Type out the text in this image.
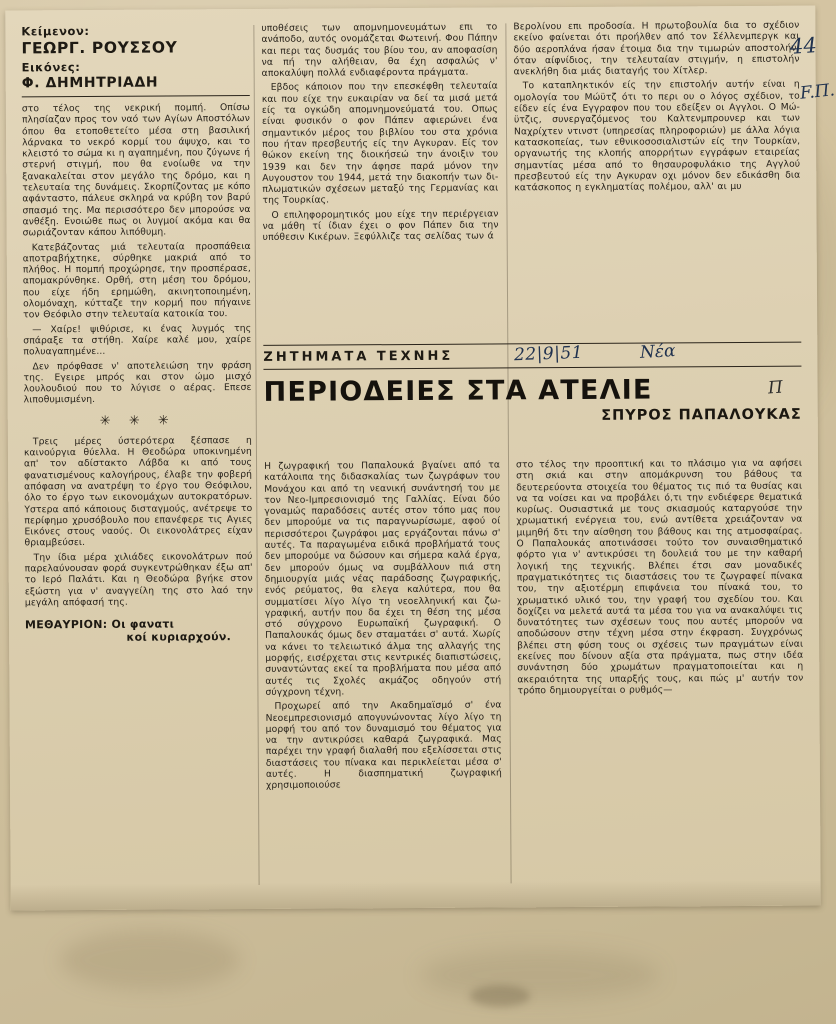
Κείμενον:
ΓΕΩΡΓ. ΡΟΥΣΣΟΥ
Εικόνες:
Φ. ΔΗΜΗΤΡΙΑΔΗ

στο τέλος της νεκρική πομπή. Οπίσω πλησίαζαν προς τον ναό των Αγίων Αποστόλων όπου θα ετοποθετείτο μέσα στη βασιλική λάρνακα το νεκρό κορμί του άψυχο, και το κλειστό το σώμα κι η αγαπημένη, που ζύγωνε ή στερνή στιγμή, που θα ενοίωθε να την ξανακαλείται στον μεγάλο της δρόμο, και η τελευταία της δυνάμεις. Σκορπίζοντας με κόπο αφάνταστο, πάλευε σκληρά να κρύβη τον βαρύ σπασμό της. Μα περισσότερο δεν μπορούσε να ανθέξη. Ενοιώθε πως οι λυγμοί ακόμα και θα σωριάζονταν κάπου λιπόθυμη.

Κατεβάζοντας μιά τελευταία προσπάθεια αποτραβήχτηκε, σύρθηκε μακριά από το πλήθος. Η πομπή προχώρησε, την προσπέρασε, απομακρύνθηκε. Ορθή, στη μέση του δρόμου, που είχε ήδη ερημώθη, ακινητοποιημένη, ολομόναχη, κύτταζε την κορμή που πήγαινε τον Θεόφιλο στην τελευταία κατοικία του.

— Χαίρε! ψιθύρισε, κι ένας λυγμός της σπάραξε τα στήθη. Χαίρε καλέ μου, χαίρε πολυαγαπημένε...

Δεν πρόφθασε ν' αποτελειώση την φράση της. Εγειρε μπρός και στον ώμο μισχό λουλουδιού που το λύγισε ο αέρας. Επεσε λιποθυμισμένη.

✳ ✳ ✳

Τρεις μέρες ύστερότερα ξέσπασε η καινούργια θύελλα. Η Θεοδώρα υποκινημένη απ' τον αδίστακτο Λάβδα κι από τους φανατισμένους καλογήρους, έλαβε την φοβερή απόφαση να ανατρέψη το έργο του Θεόφιλου, όλο το έργο των εικονομάχων αυτοκρατόρων. Υστερα από κάποιους δισταγμούς, ανέτρεψε το περίφημο χρυσόβουλο που επανέφερε τις Αγιες Εικόνες στους ναούς. Οι εικονολάτρες είχαν θριαμβεύσει.

Την ίδια μέρα χιλιάδες εικονολάτρων πού παρελαύνουσαν φορά συγκεντρώθηκαν έξω απ' το Ιερό Παλάτι. Και η Θεοδώρα βγήκε στον εξώστη για ν' αναγγείλη της στο λαό την μεγάλη απόφασή της.

ΜΕΘΑΥΡΙΟΝ: Οι φανατι
κοί κυριαρχούν.

υποθέσεις των απομνημονευμάτων επι το ανάποδο, αυτός ονομάζεται Φωτεινή. Φου Πάπην και περι τας δυσμάς του βίου του, αν αποφασίση να πή την αλήθειαν, θα έχη ασφαλώς ν' αποκαλύψη πολλά ενδιαφέροντα πράγματα.

Εβδος κάποιον που την επεσκέφθη τελευταία και που είχε την ευκαιρίαν να δεί τα μισά μετά είς τα ογκώδη απομνημονεύματά του. Οπως είναι φυσικόν ο φον Πάπεν αφιερώνει ένα σημαντικόν μέρος του βιβλίου του στα χρόνια που ήταν πρεσβευτής είς την Αγκυραν. Είς τον θώκον εκείνη της διοικήσεώ την άνοιξιν του 1939 και δεν την άφησε παρά μόνον την Αυγουστον του 1944, μετά την διακοπήν των διπλωματικών σχέσεων μεταξύ της Γερμανίας και της Τουρκίας.

Ο επιληφορομητικός μου είχε την περιέργειαν να μάθη τί ίδιαν έχει ο φον Πάπεν δια την υπόθεσιν Κικέρων. Ξεφύλλιζε τας σελίδας των ά

Βερολίνου επι προδοσία. Η πρωτοβουλία δια το σχέδιον εκείνο φαίνεται ότι προήλθεν από τον Σέλλενμπεργκ και δύο αεροπλάνα ήσαν έτοιμα δια την τιμωρών αποστολήν, όταν αίφνίδιος, την τελευταίαν στιγμήν, η επιστολήν ανεκλήθη δια μιάς διαταγής του Χίτλερ.

Το καταπληκτικόν είς την επιστολήν αυτήν είναι η ομολογία του Μώϋτζ ότι το περι ου ο λόγος σχέδιον, το είδεν είς ένα Εγγραφον που του εδείξεν οι Αγγλοι. Ο Μώϋτζις, συνεργαζόμενος του Καλτενμπρουνερ και των Ναχρίχτεν ντινστ (υπηρεσίας πληροφοριών) με άλλα λόγια κατασκοπείας, των εθνικοσοσιαλιστών είς την Τουρκίαν, οργανωτής της κλοπής απορρήτων εγγράφων εταιρείας σημαντίας μέσα από το θησαυροφυλάκιο της Αγγλού πρεσβευτού είς την Αγκυραν οχι μόνον δεν εδικάσθη δια κατάσκοπος η εγκληματίας πολέμου, αλλ' αι μυ

ΖΗΤΗΜΑΤΑ ΤΕΧΝΗΣ
ΠΕΡΙΟΔΕΙΕΣ ΣΤΑ ΑΤΕΛΙΕ
ΣΠΥΡΟΣ ΠΑΠΑΛΟΥΚΑΣ

Η ζωγραφική του Παπαλουκά βγαίνει από τα κατάλοιπα της διδασκαλίας των ζωγράφων του Μονάχου και από τη νεανική συνάντησή του με τον Νεο-Ιμπρεσιονισμό της Γαλλίας. Είναι δύο γοναμώς παραδόσεις αυτές στον τόπο μας που δεν μπορούμε να τις παραγνωρίσωμε, αφού οί περισσότεροι ζωγράφοι μας εργάζονται πάνω σ' αυτές. Τα παραγωμένα ειδικά προβλήματά τους δεν μπορούμε να δώσουν και σήμερα καλά έργα, δεν μπορούν όμως να συμβάλλουν πιά στη δημιουργία μιάς νέας παράδοσης ζωγραφικής, ενός ρεύματος, θα ελεγα καλύτερα, που θα συμματίσει λίγο λίγο τη νεοελληνική και ζωγραφική, αυτήν που δα έχει τη θέση της μέσα στό σύγχρονο Ευρωπαϊκή ζωγραφική. Ο Παπαλουκάς όμως δεν σταματάει σ' αυτά. Χωρίς να κάνει το τελειωτικό άλμα της αλλαγής της μορφής, εισέρχεται στις κεντρικές διαπιστώσεις, συναντώντας εκεί τα προβλήματα που μέσα από αυτές τις Σχολές ακμάζος οδηγούν στή σύγχρονη τέχνη.

Προχωρεί από την Ακαδημαϊσμό σ' ένα Νεοεμπρεσιονισμό απογυνώνοντας λίγο λίγο τη μορφή του από τον δυναμισμό του θέματος για να την αντικρύσει καθαρά ζωγραφικά. Μας παρέχει την γραφή διαλαθή που εξελίσσεται στις διαστάσεις του πίνακα και περικλείεται μέσα σ' αυτές. Η διασπηματική ζωγραφική χρησιμοποιούσε

στο τέλος την προοπτική και το πλάσιμο για να αφήσει στη σκιά και στην απομάκρυνση του βάθους τα δευτερεύοντα στοιχεία του θέματος τις πιό τα θυσίας και να τα νοίσει και να προβάλει ό,τι την ενδιέφερε θεματικά κυρίως. Ουσιαστικά με τους σκιασμούς καταργούσε την χρωματική ενέργεια του, ενώ αντίθετα χρειάζονταν να μιμηθή δτι την αίσθηση του βάθους και της ατμοσφαίρας. Ο Παπαλουκάς αποτινάσσει τούτο τον συναισθηματικό φόρτο για ν' αντικρύσει τη δουλειά του με την καθαρή λογική της τεχνικής. Βλέπει έτσι σαν μοναδικές πραγματικότητες τις διαστάσεις του τε ζωγραφεί πίνακα του, την αξιοτέρμη επιφάνεια του πίνακά του, το χρωματικό υλικό του, την γραφή του σχεδίου του. Και δοχίζει να μελετά αυτά τα μέσα του για να ανακαλύψει τις δυνατότητες των σχέσεων τους που αυτές μπορούν να αποδώσουν στην τέχνη μέσα στην έκφραση. Συγχρόνως βλέπει στη φύση τους οι σχέσεις των πραγμάτων είναι εκείνες που δίνουν αξία στα πράγματα, πως στην ιδέα συνάντηση δύο χρωμάτων πραγματοποιείται και η ακεραιότητα της υπαρξής τους, και πώς μ' αυτήν τον τρόπο δημιουργείται ο ρυθμός—

44
F.Π.
22|9|51	Νέα
Π
